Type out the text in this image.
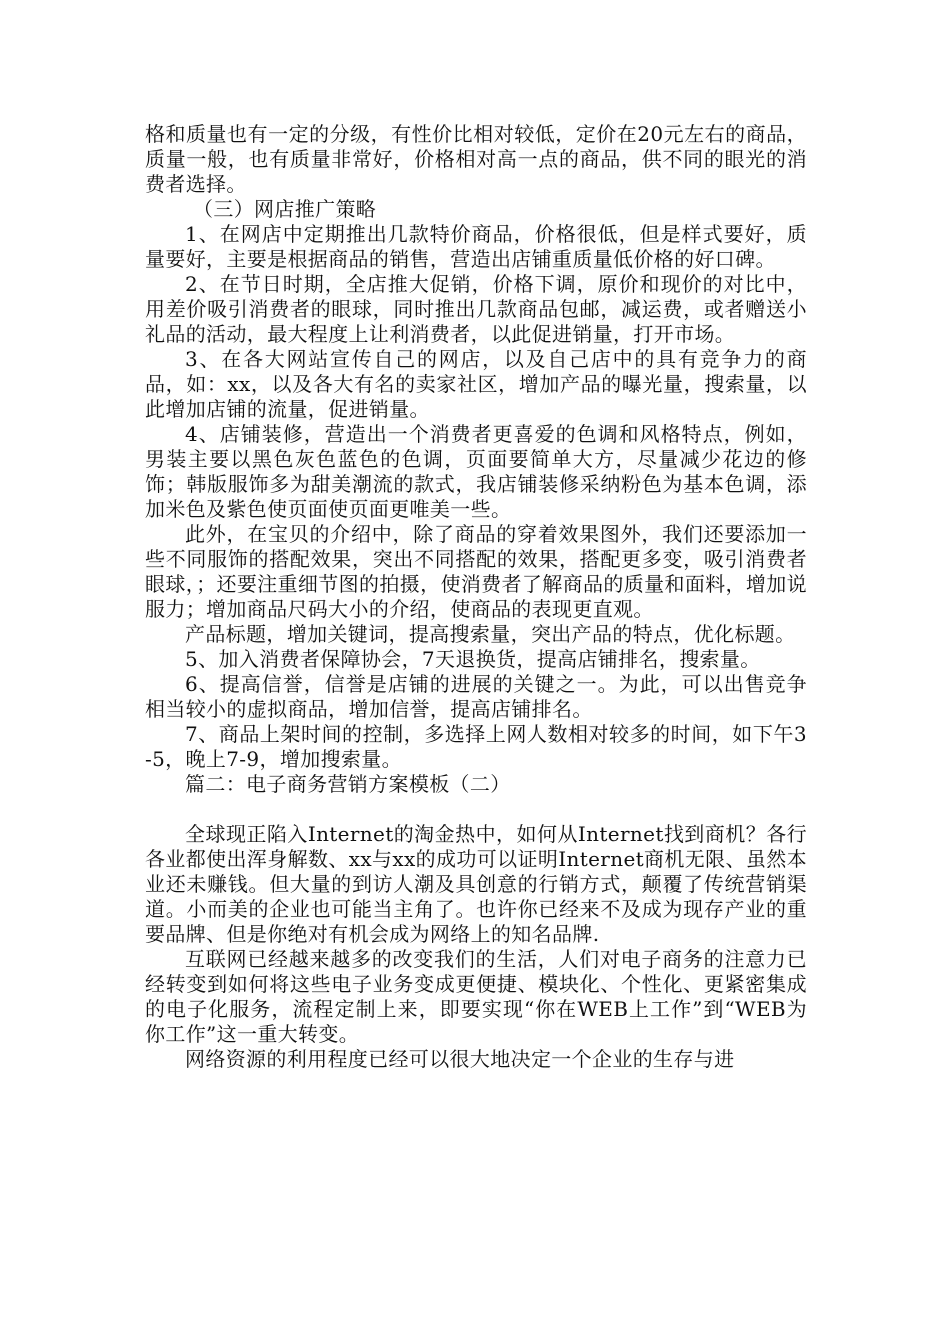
格和质量也有一定的分级，有性价比相对较低，定价在20元左右的商品，质量一般，也有质量非常好，价格相对高一点的商品，供不同的眼光的消费者选择。

（三）网店推广策略

1、在网店中定期推出几款特价商品，价格很低，但是样式要好，质量要好，主要是根据商品的销售，营造出店铺重质量低价格的好口碑。

2、在节日时期，全店推大促销，价格下调，原价和现价的对比中，用差价吸引消费者的眼球，同时推出几款商品包邮，减运费，或者赠送小礼品的活动，最大程度上让利消费者，以此促进销量，打开市场。

3、在各大网站宣传自己的网店，以及自己店中的具有竞争力的商品，如：xx，以及各大有名的卖家社区，增加产品的曝光量，搜索量，以此增加店铺的流量，促进销量。

4、店铺装修，营造出一个消费者更喜爱的色调和风格特点，例如，男装主要以黑色灰色蓝色的色调，页面要简单大方，尽量减少花边的修饰；韩版服饰多为甜美潮流的款式，我店铺装修采纳粉色为基本色调，添加米色及紫色使页面使页面更唯美一些。

此外，在宝贝的介绍中，除了商品的穿着效果图外，我们还要添加一些不同服饰的搭配效果，突出不同搭配的效果，搭配更多变，吸引消费者眼球，；还要注重细节图的拍摄，使消费者了解商品的质量和面料，增加说服力；增加商品尺码大小的介绍，使商品的表现更直观。

产品标题，增加关键词，提高搜索量，突出产品的特点，优化标题。

5、加入消费者保障协会，7天退换货，提高店铺排名，搜索量。

6、提高信誉，信誉是店铺的进展的关键之一。为此，可以出售竞争相当较小的虚拟商品，增加信誉，提高店铺排名。

7、商品上架时间的控制，多选择上网人数相对较多的时间，如下午3-5，晚上7-9，增加搜索量。

篇二：电子商务营销方案模板（二）

全球现正陷入Internet的淘金热中，如何从Internet找到商机？各行各业都使出浑身解数、xx与xx的成功可以证明Internet商机无限、虽然本业还未赚钱。但大量的到访人潮及具创意的行销方式，颠覆了传统营销渠道。小而美的企业也可能当主角了。也许你已经来不及成为现存产业的重要品牌、但是你绝对有机会成为网络上的知名品牌.

互联网已经越来越多的改变我们的生活，人们对电子商务的注意力已经转变到如何将这些电子业务变成更便捷、模块化、个性化、更紧密集成的电子化服务，流程定制上来，即要实现“你在WEB上工作”到“WEB为你工作”这一重大转变。

网络资源的利用程度已经可以很大地决定一个企业的生存与进
